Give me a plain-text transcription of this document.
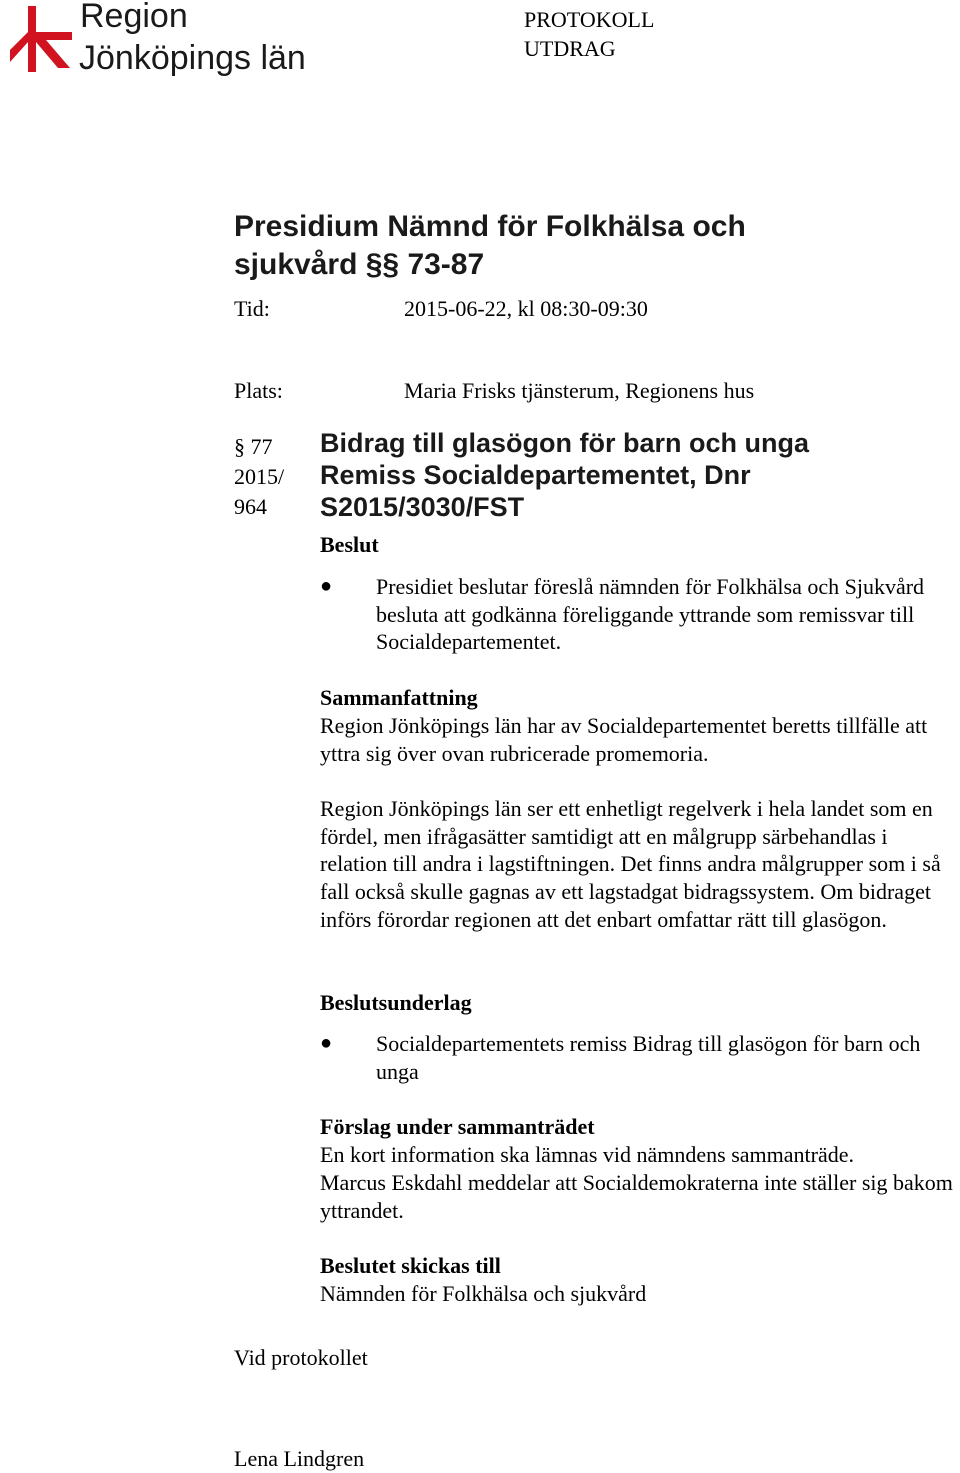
Region
Jönköpings län
PROTOKOLL
UTDRAG
Presidium Nämnd för Folkhälsa och sjukvård §§ 73-87
Tid:	2015-06-22, kl 08:30-09:30
Plats:	Maria Frisks tjänsterum, Regionens hus
§ 77
2015/
964
Bidrag till glasögon för barn och unga Remiss Socialdepartementet, Dnr S2015/3030/FST
Beslut
● Presidiet beslutar föreslå nämnden för Folkhälsa och Sjukvård besluta att godkänna föreliggande yttrande som remissvar till Socialdepartementet.
Sammanfattning
Region Jönköpings län har av Socialdepartementet beretts tillfälle att yttra sig över ovan rubricerade promemoria.
Region Jönköpings län ser ett enhetligt regelverk i hela landet som en fördel, men ifrågasätter samtidigt att en målgrupp särbehandlas i relation till andra i lagstiftningen. Det finns andra målgrupper som i så fall också skulle gagnas av ett lagstadgat bidragssystem. Om bidraget införs förordar regionen att det enbart omfattar rätt till glasögon.
Beslutsunderlag
● Socialdepartementets remiss Bidrag till glasögon för barn och unga
Förslag under sammanträdet
En kort information ska lämnas vid nämndens sammanträde.
Marcus Eskdahl meddelar att Socialdemokraterna inte ställer sig bakom yttrandet.
Beslutet skickas till
Nämnden för Folkhälsa och sjukvård
Vid protokollet
Lena Lindgren
